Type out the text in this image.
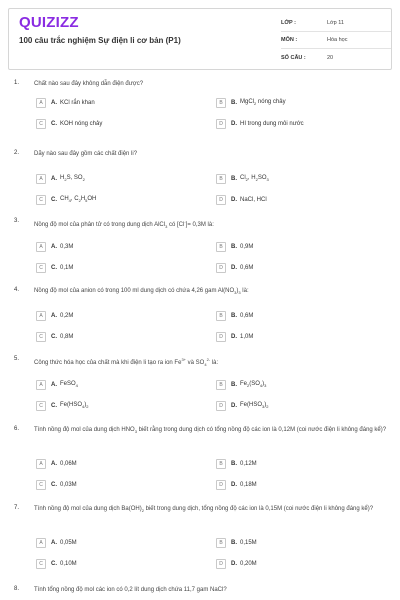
QUIZIZZ
100 câu trắc nghiệm Sự điện li cơ bản (P1)
LỚP :	Lớp 11
MÔN :	Hóa học
SỐ CÂU :	20
1. Chất nào sau đây không dẫn điện được?
A	A. KCl rắn khan	B	B. MgCl$_2$ nóng chảy
C	C. KOH nóng chảy	D	D. HI trong dung môi nước
2. Dãy nào sau đây gồm các chất điện li?
A	A. $H_2S$, $SO_2$	B	B. $Cl_2$, $H_2SO_3$
C	C. $CH_4$, $C_2H_5OH$	D	D. NaCl, HCl
3.
Nồng độ mol của phân tử có trong dung dịch AlCl$_3$ có [Cl-]= 0,3M là:
A	A. 0,3M	B	B. 0,9M
C	C. 0,1M	D	D. 0,6M
4. Nồng độ mol của anion có trong 100 ml dung dịch có chứa 4,26 gam $Al(NO_3)_3$ là:
A	A. 0,2M	B	B. 0,6M
C	C. 0,8M	D	D. 1,0M
5.
Công thức hóa học của chất mà khi điện li tạo ra ion $Fe^{3+}$ và $SO_4^{2-}$ là:
A	A. FeSO$_4$	B	B. $Fe_2(SO_4)_3$
C	C. $Fe(HSO_4)_2$	D	D. $Fe(HSO_3)_2$
6. Tính nồng độ mol của dung dịch $HNO_3$ biết rằng trong dung dịch có tổng nồng độ các ion là 0,12M (coi nước điện li không đáng kể)?
A	A. 0,06M	B	B. 0,12M
C	C. 0,03M	D	D. 0,18M
7. Tính nồng độ mol của dung dịch $Ba(OH)_2$ biết trong dung dịch, tổng nồng độ các ion là 0,15M (coi nước điện li không đáng kể)?
A	A. 0,05M	B	B. 0,15M
C	C. 0,10M	D	D. 0,20M
8. Tính tổng nồng độ mol các ion có 0,2 lít dung dịch chứa 11,7 gam NaCl?
